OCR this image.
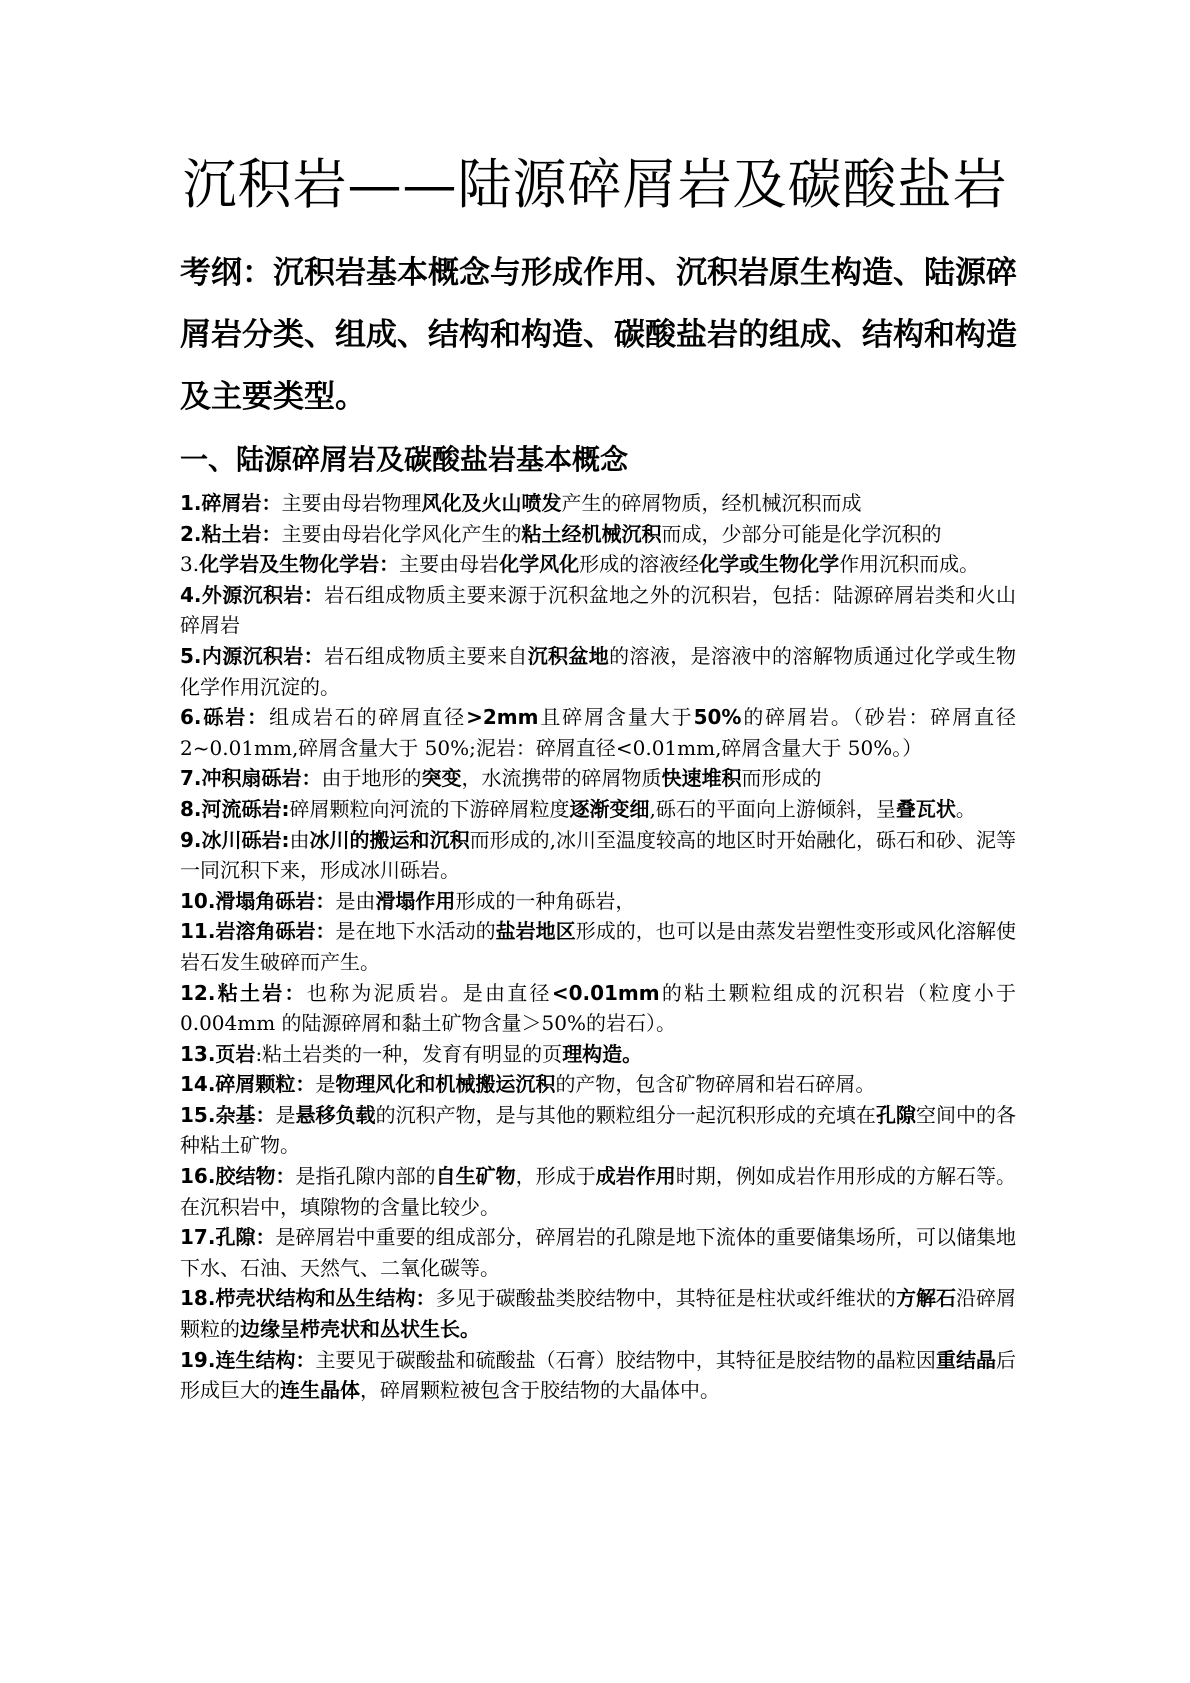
沉积岩——陆源碎屑岩及碳酸盐岩

考纲：沉积岩基本概念与形成作用、沉积岩原生构造、陆源碎屑岩分类、组成、结构和构造、碳酸盐岩的组成、结构和构造及主要类型。

一、陆源碎屑岩及碳酸盐岩基本概念

1.碎屑岩：主要由母岩物理风化及火山喷发产生的碎屑物质，经机械沉积而成

2.粘土岩：主要由母岩化学风化产生的粘土经机械沉积而成，少部分可能是化学沉积的

3.化学岩及生物化学岩：主要由母岩化学风化形成的溶液经化学或生物化学作用沉积而成。

4.外源沉积岩：岩石组成物质主要来源于沉积盆地之外的沉积岩，包括：陆源碎屑岩类和火山碎屑岩

5.内源沉积岩：岩石组成物质主要来自沉积盆地的溶液，是溶液中的溶解物质通过化学或生物化学作用沉淀的。

6.砾岩：组成岩石的碎屑直径>2mm且碎屑含量大于50%的碎屑岩。（砂岩：碎屑直径 2~0.01mm,碎屑含量大于 50%;泥岩：碎屑直径<0.01mm,碎屑含量大于 50%。）

7.冲积扇砾岩：由于地形的突变，水流携带的碎屑物质快速堆积而形成的

8.河流砾岩:碎屑颗粒向河流的下游碎屑粒度逐渐变细,砾石的平面向上游倾斜，呈叠瓦状。

9.冰川砾岩:由冰川的搬运和沉积而形成的,冰川至温度较高的地区时开始融化，砾石和砂、泥等一同沉积下来，形成冰川砾岩。

10.滑塌角砾岩：是由滑塌作用形成的一种角砾岩，

11.岩溶角砾岩：是在地下水活动的盐岩地区形成的，也可以是由蒸发岩塑性变形或风化溶解使岩石发生破碎而产生。

12.粘土岩：也称为泥质岩。是由直径<0.01mm的粘土颗粒组成的沉积岩（粒度小于 0.004mm 的陆源碎屑和黏土矿物含量＞50%的岩石）。

13.页岩:粘土岩类的一种，发育有明显的页理构造。

14.碎屑颗粒：是物理风化和机械搬运沉积的产物，包含矿物碎屑和岩石碎屑。

15.杂基：是悬移负载的沉积产物，是与其他的颗粒组分一起沉积形成的充填在孔隙空间中的各种粘土矿物。

16.胶结物：是指孔隙内部的自生矿物，形成于成岩作用时期，例如成岩作用形成的方解石等。在沉积岩中，填隙物的含量比较少。

17.孔隙：是碎屑岩中重要的组成部分，碎屑岩的孔隙是地下流体的重要储集场所，可以储集地下水、石油、天然气、二氧化碳等。

18.栉壳状结构和丛生结构：多见于碳酸盐类胶结物中，其特征是柱状或纤维状的方解石沿碎屑颗粒的边缘呈栉壳状和丛状生长。

19.连生结构：主要见于碳酸盐和硫酸盐（石膏）胶结物中，其特征是胶结物的晶粒因重结晶后形成巨大的连生晶体，碎屑颗粒被包含于胶结物的大晶体中。
